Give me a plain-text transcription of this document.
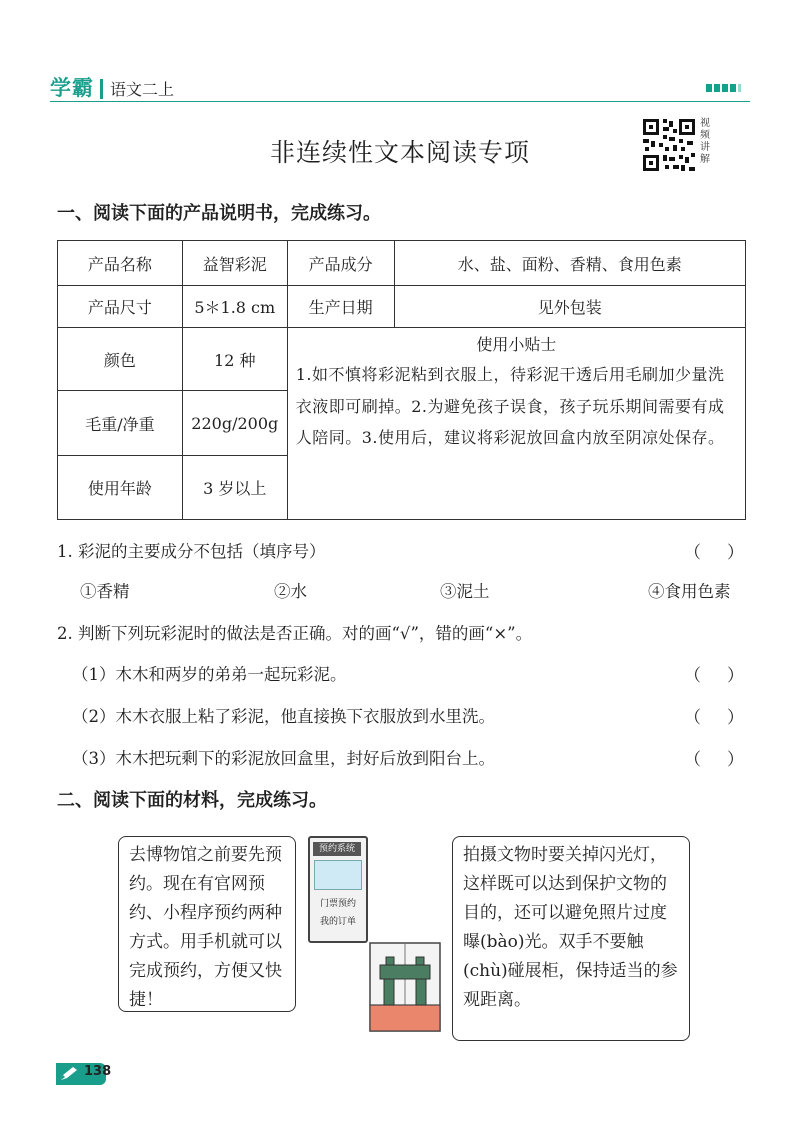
学霸 语文二上
非连续性文本阅读专项
视频讲解
一、阅读下面的产品说明书，完成练习。
产品名称	益智彩泥	产品成分	水、盐、面粉、香精、食用色素
产品尺寸	5＊1.8 cm	生产日期	见外包装
颜色	12 种	使用小贴士
1.如不慎将彩泥粘到衣服上，待彩泥干透后用毛刷加少量洗衣液即可刷掉。2.为避免孩子误食，孩子玩乐期间需要有成人陪同。3.使用后，建议将彩泥放回盒内放至阴凉处保存。	

毛重/净重	220g/200g		
使用年龄	3 岁以上		
1. 彩泥的主要成分不包括（填序号）	（ ）
①香精	②水	③泥土	④食用色素
2. 判断下列玩彩泥时的做法是否正确。对的画“√”，错的画“×”。
（1）木木和两岁的弟弟一起玩彩泥。	（ ）
（2）木木衣服上粘了彩泥，他直接换下衣服放到水里洗。	（ ）
（3）木木把玩剩下的彩泥放回盒里，封好后放到阳台上。	（ ）
二、阅读下面的材料，完成练习。
去博物馆之前要先预约。现在有官网预约、小程序预约两种方式。用手机就可以完成预约，方便又快捷！
预约系统
门票预约
我的订单
拍摄文物时要关掉闪光灯，这样既可以达到保护文物的目的，还可以避免照片过度曝(bào)光。双手不要触(chù)碰展柜，保持适当的参观距离。
138
